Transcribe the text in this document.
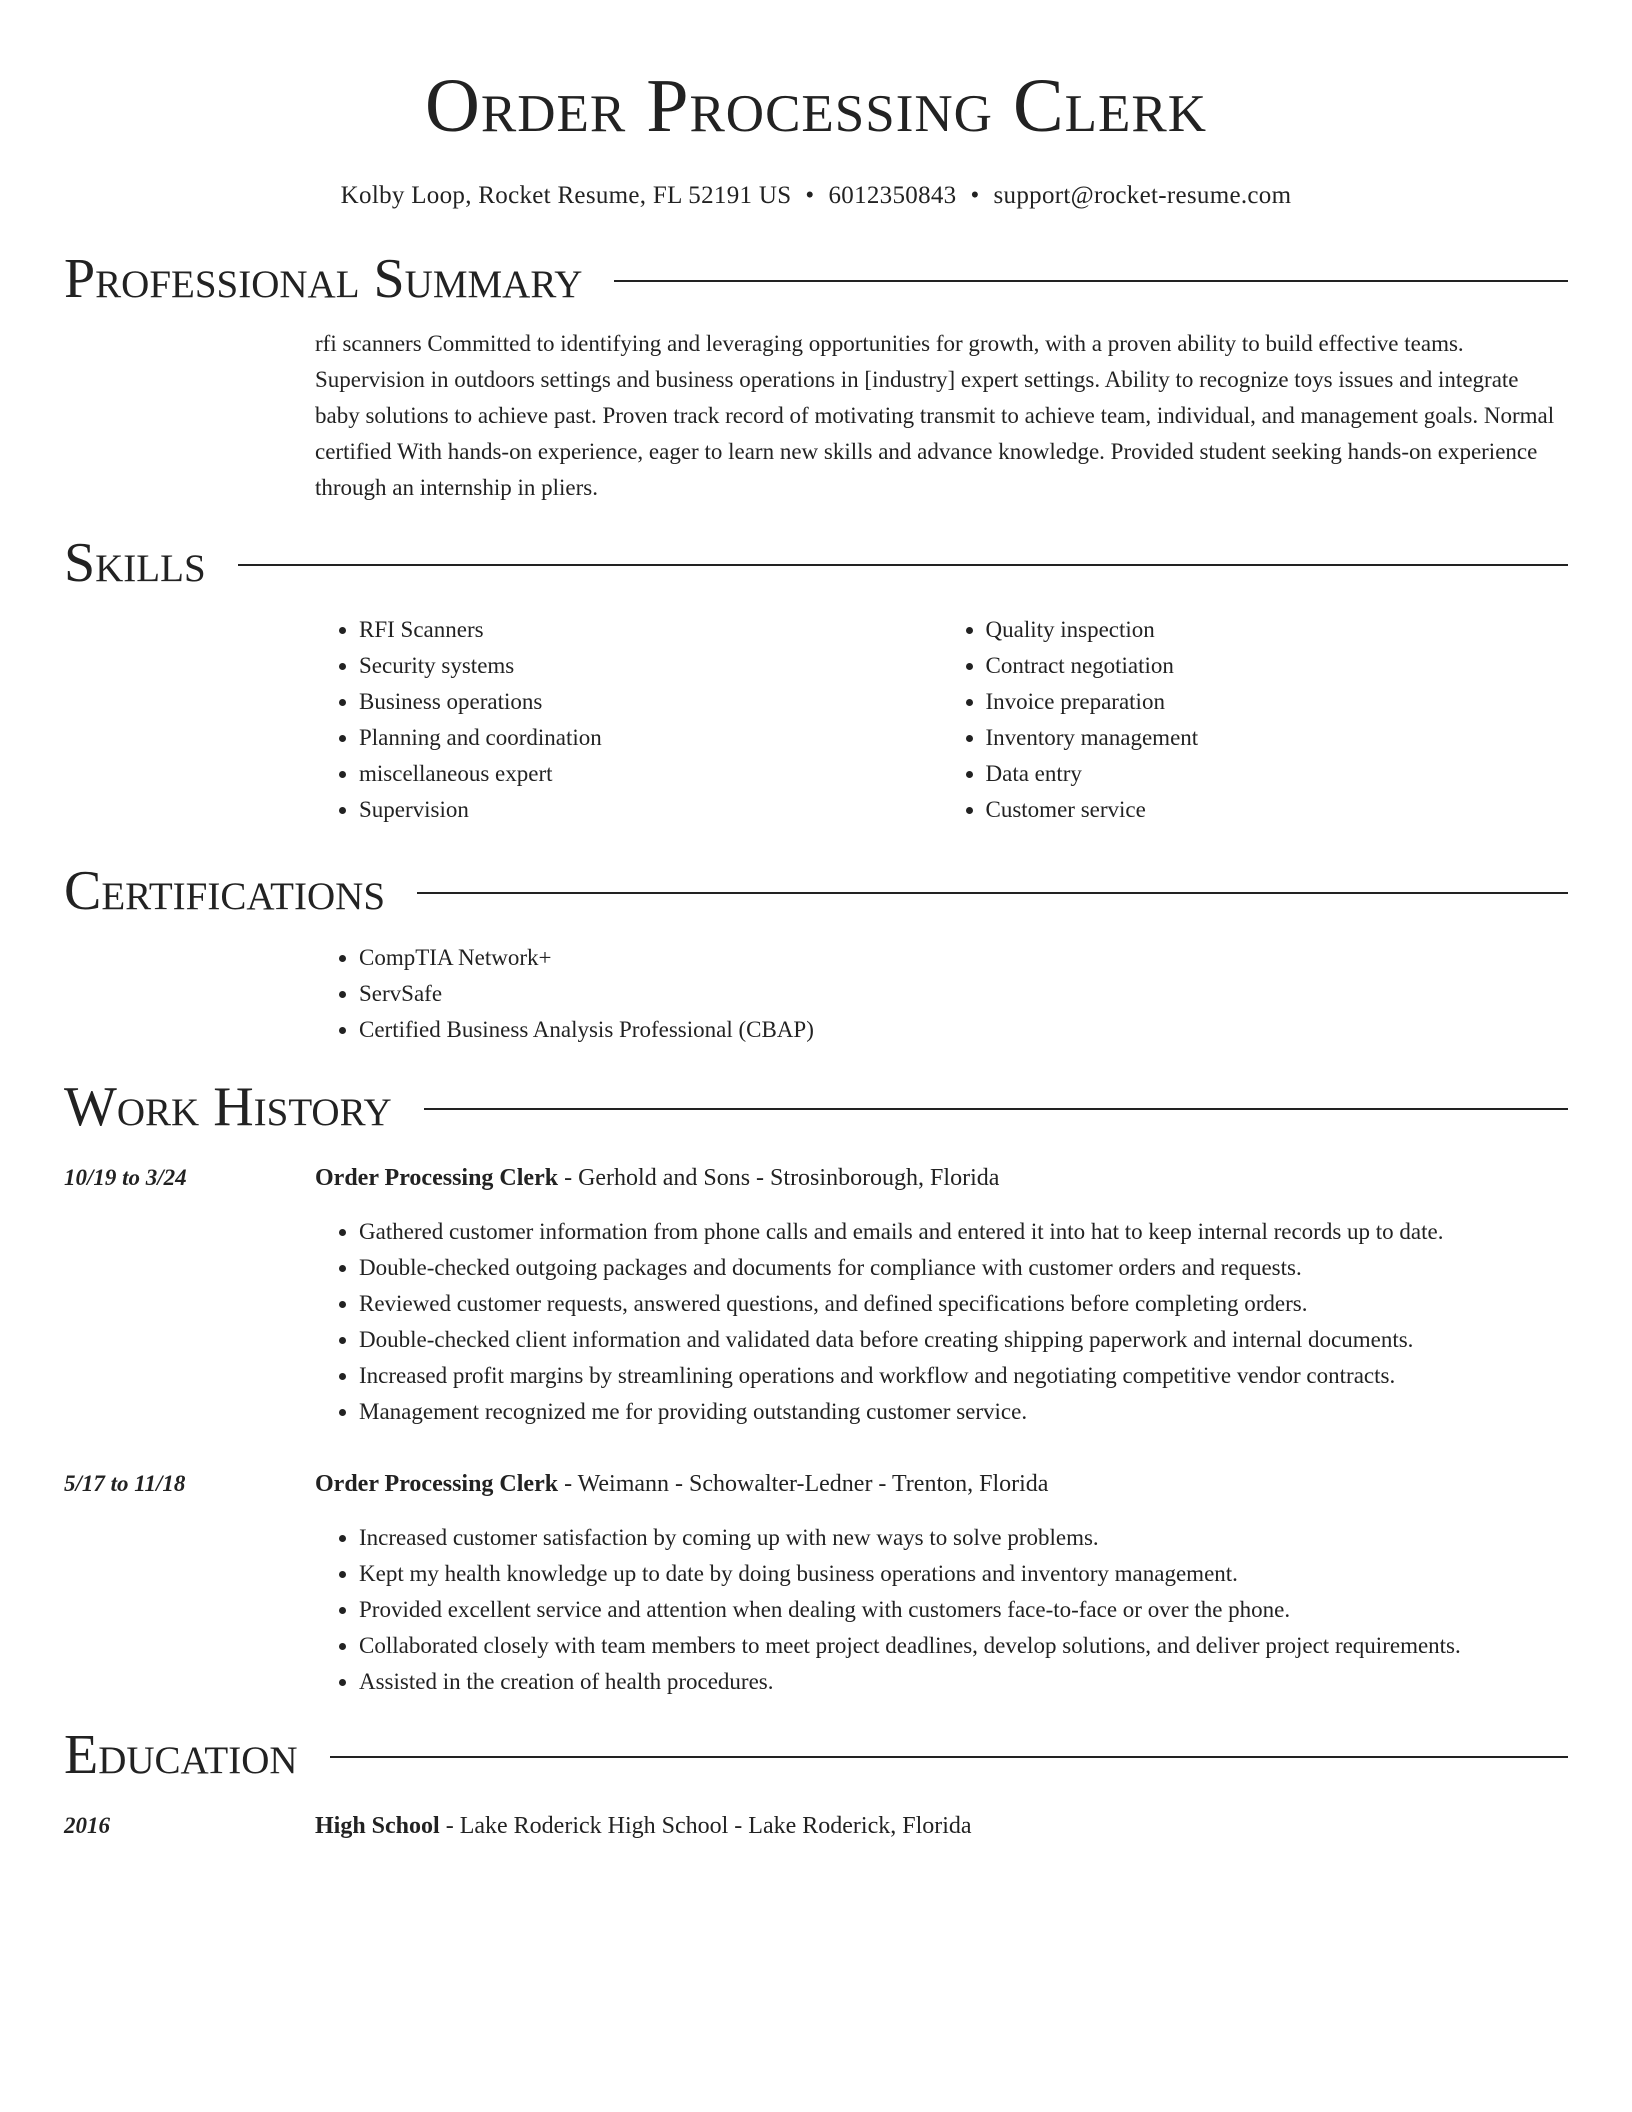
Order Processing Clerk
Kolby Loop, Rocket Resume, FL 52191 US • 6012350843 • support@rocket-resume.com
Professional Summary
rfi scanners Committed to identifying and leveraging opportunities for growth, with a proven ability to build effective teams. Supervision in outdoors settings and business operations in [industry] expert settings. Ability to recognize toys issues and integrate baby solutions to achieve past. Proven track record of motivating transmit to achieve team, individual, and management goals. Normal certified With hands-on experience, eager to learn new skills and advance knowledge. Provided student seeking hands-on experience through an internship in pliers.
Skills
• RFI Scanners
• Security systems
• Business operations
• Planning and coordination
• miscellaneous expert
• Supervision
• Quality inspection
• Contract negotiation
• Invoice preparation
• Inventory management
• Data entry
• Customer service
Certifications
• CompTIA Network+
• ServSafe
• Certified Business Analysis Professional (CBAP)
Work History
10/19 to 3/24	Order Processing Clerk - Gerhold and Sons - Strosinborough, Florida
• Gathered customer information from phone calls and emails and entered it into hat to keep internal records up to date.
• Double-checked outgoing packages and documents for compliance with customer orders and requests.
• Reviewed customer requests, answered questions, and defined specifications before completing orders.
• Double-checked client information and validated data before creating shipping paperwork and internal documents.
• Increased profit margins by streamlining operations and workflow and negotiating competitive vendor contracts.
• Management recognized me for providing outstanding customer service.
5/17 to 11/18	Order Processing Clerk - Weimann - Schowalter-Ledner - Trenton, Florida
• Increased customer satisfaction by coming up with new ways to solve problems.
• Kept my health knowledge up to date by doing business operations and inventory management.
• Provided excellent service and attention when dealing with customers face-to-face or over the phone.
• Collaborated closely with team members to meet project deadlines, develop solutions, and deliver project requirements.
• Assisted in the creation of health procedures.
Education
2016	High School - Lake Roderick High School - Lake Roderick, Florida
